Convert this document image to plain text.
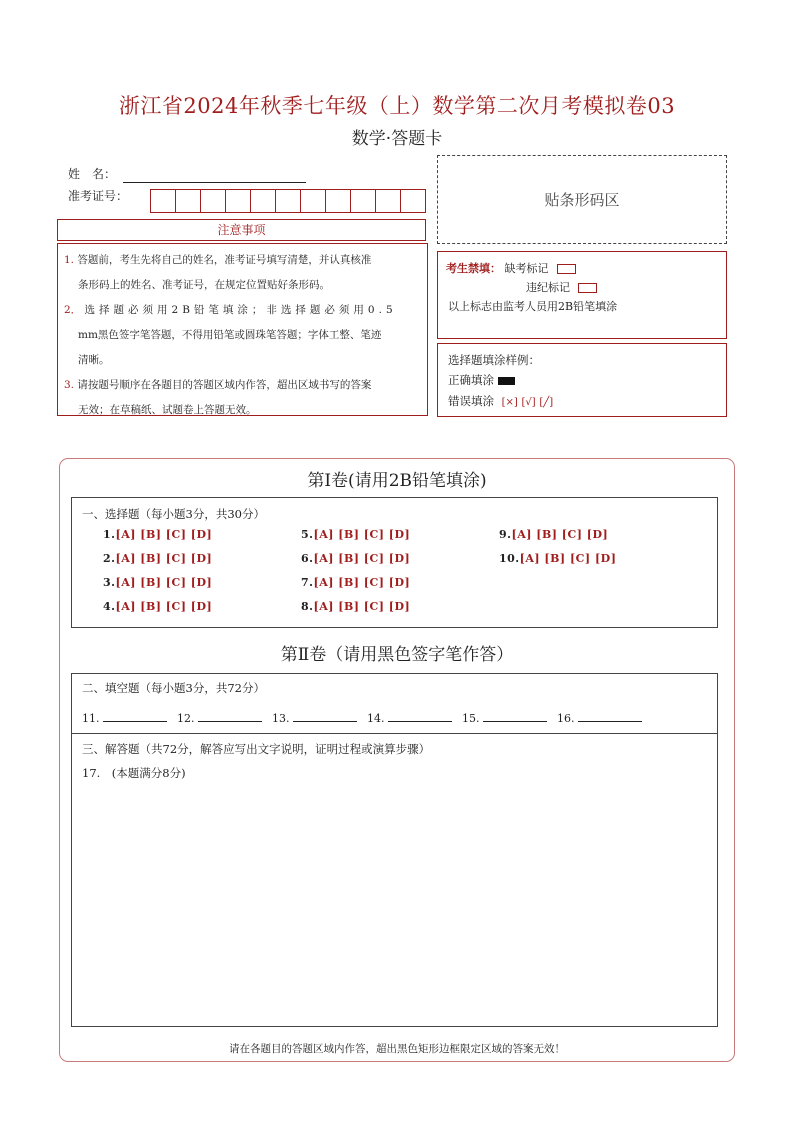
浙江省2024年秋季七年级（上）数学第二次月考模拟卷03
数学·答题卡
姓　名：
准考证号：	贴条形码区
注意事项

1. 答题前，考生先将自己的姓名，准考证号填写清楚，并认真核准

条形码上的姓名、准考证号，在规定位置贴好条形码。

2． 选择题必须用2B铅笔填涂；非选择题必须用0.5

mm黑色签字笔答题，不得用铅笔或圆珠笔答题；字体工整、笔迹

清晰。

3. 请按题号顺序在各题目的答题区域内作答，超出区域书写的答案

无效；在草稿纸、试题卷上答题无效。

考生禁填： 缺考标记
违纪标记
以上标志由监考人员用2B铅笔填涂
选择题填涂样例：
正确填涂
错误填涂 [×] [√] [╱]
第Ⅰ卷(请用2B铅笔填涂)
一、选择题（每小题3分，共30分）
1.[A] [B] [C] [D]
2.[A] [B] [C] [D]
3.[A] [B] [C] [D]
4.[A] [B] [C] [D]
5.[A] [B] [C] [D]
6.[A] [B] [C] [D]
7.[A] [B] [C] [D]
8.[A] [B] [C] [D]
9.[A] [B] [C] [D]
10.[A] [B] [C] [D]
第Ⅱ卷（请用黑色签字笔作答）
二、填空题（每小题3分，共72分）
11.	12.	13.	14.	15.	16.
三、解答题（共72分，解答应写出文字说明，证明过程或演算步骤）
17.　(本题满分8分)
请在各题目的答题区域内作答，超出黑色矩形边框限定区域的答案无效！
